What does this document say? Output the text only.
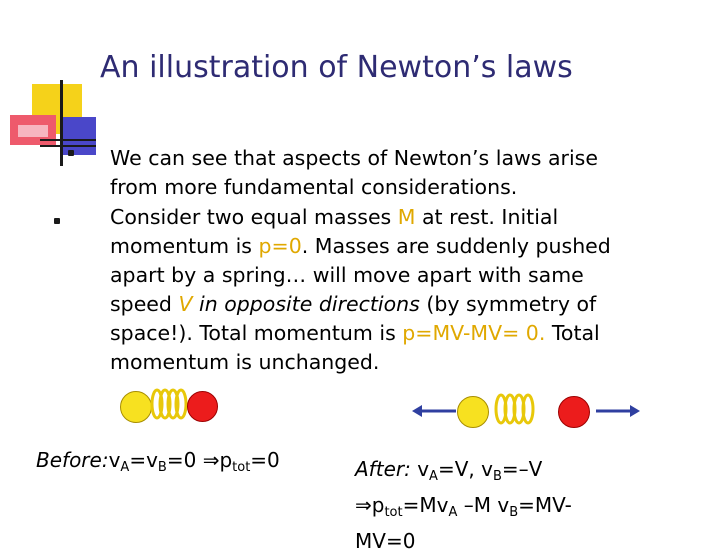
An illustration of Newton’s laws
We can see that aspects of Newton’s laws arise
from more fundamental considerations.
Consider two equal masses M at rest. Initial
momentum is p=0. Masses are suddenly pushed
apart by a spring… will move apart with same
speed V in opposite directions (by symmetry of
space!). Total momentum is p=MV-MV= 0. Total
momentum is unchanged.
$Before:v_A=v_B=0$ $\Rightarrow p_{tot}=0$	After: $v_A=V$, $v_B=-V$
$\Rightarrow p_{tot}=Mv_A$ –M $v_B=MV-$
MV=0
